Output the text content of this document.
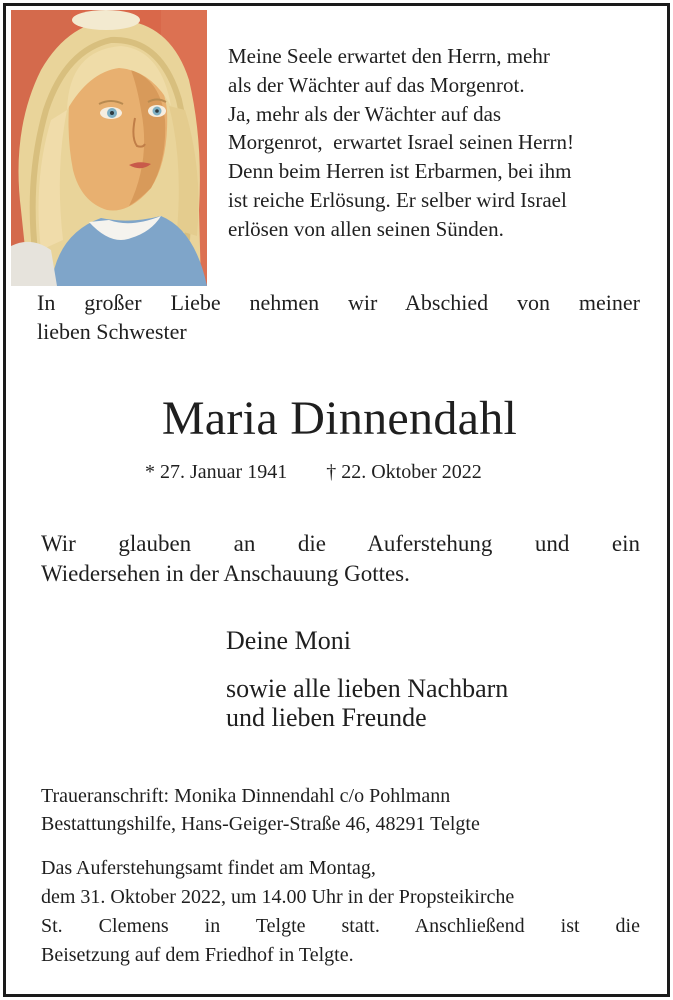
Meine Seele erwartet den Herrn, mehr
als der Wächter auf das Morgenrot.
Ja, mehr als der Wächter auf das
Morgenrot,  erwartet Israel seinen Herrn!
Denn beim Herren ist Erbarmen, bei ihm
ist reiche Erlösung. Er selber wird Israel
erlösen von allen seinen Sünden.
In großer Liebe nehmen wir Abschied von meiner
lieben Schwester
Maria Dinnendahl
* 27. Januar 1941 † 22. Oktober 2022
Wir glauben an die Auferstehung und ein
Wiedersehen in der Anschauung Gottes.
Deine Moni
sowie alle lieben Nachbarn
und lieben Freunde
Traueranschrift: Monika Dinnendahl c/o Pohlmann
Bestattungshilfe, Hans-Geiger-Straße 46, 48291 Telgte
Das Auferstehungsamt findet am Montag,
dem 31. Oktober 2022, um 14.00 Uhr in der Propsteikirche
St. Clemens in Telgte statt. Anschließend ist die
Beisetzung auf dem Friedhof in Telgte.
